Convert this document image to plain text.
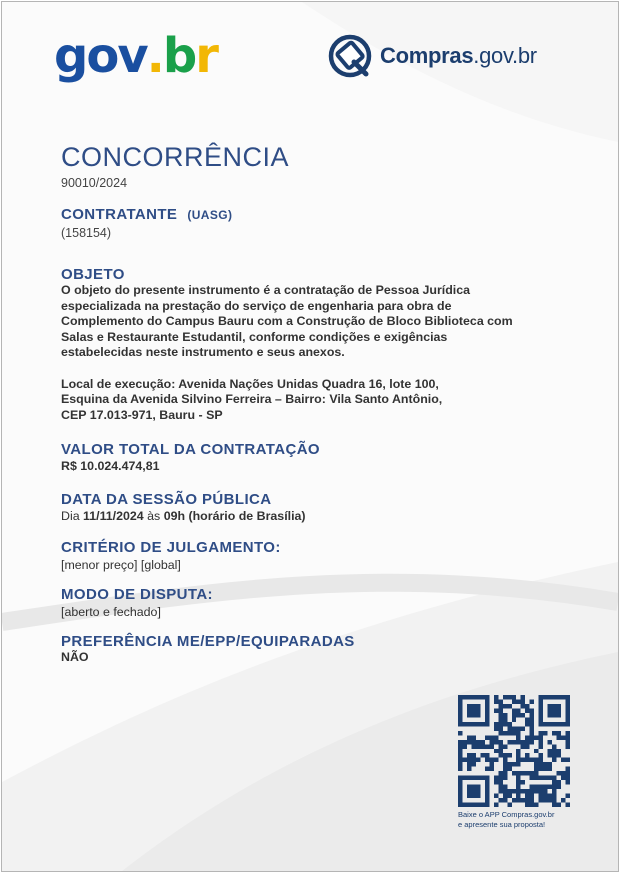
gov.br	Compras.gov.br
CONCORRÊNCIA
90010/2024
CONTRATANTE (UASG)
(158154)
OBJETO
O objeto do presente instrumento é a contratação de Pessoa Jurídica especializada na prestação do serviço de engenharia para obra de Complemento do Campus Bauru com a Construção de Bloco Biblioteca com Salas e Restaurante Estudantil, conforme condições e exigências estabelecidas neste instrumento e seus anexos.
Local de execução: Avenida Nações Unidas Quadra 16, lote 100, Esquina da Avenida Silvino Ferreira – Bairro: Vila Santo Antônio, CEP 17.013-971, Bauru - SP
VALOR TOTAL DA CONTRATAÇÃO
R$ 10.024.474,81
DATA DA SESSÃO PÚBLICA
Dia 11/11/2024 às 09h (horário de Brasília)
CRITÉRIO DE JULGAMENTO:
[menor preço] [global]
MODO DE DISPUTA:
[aberto e fechado]
PREFERÊNCIA ME/EPP/EQUIPARADAS
NÃO
Baixe o APP Compras.gov.br
e apresente sua proposta!
